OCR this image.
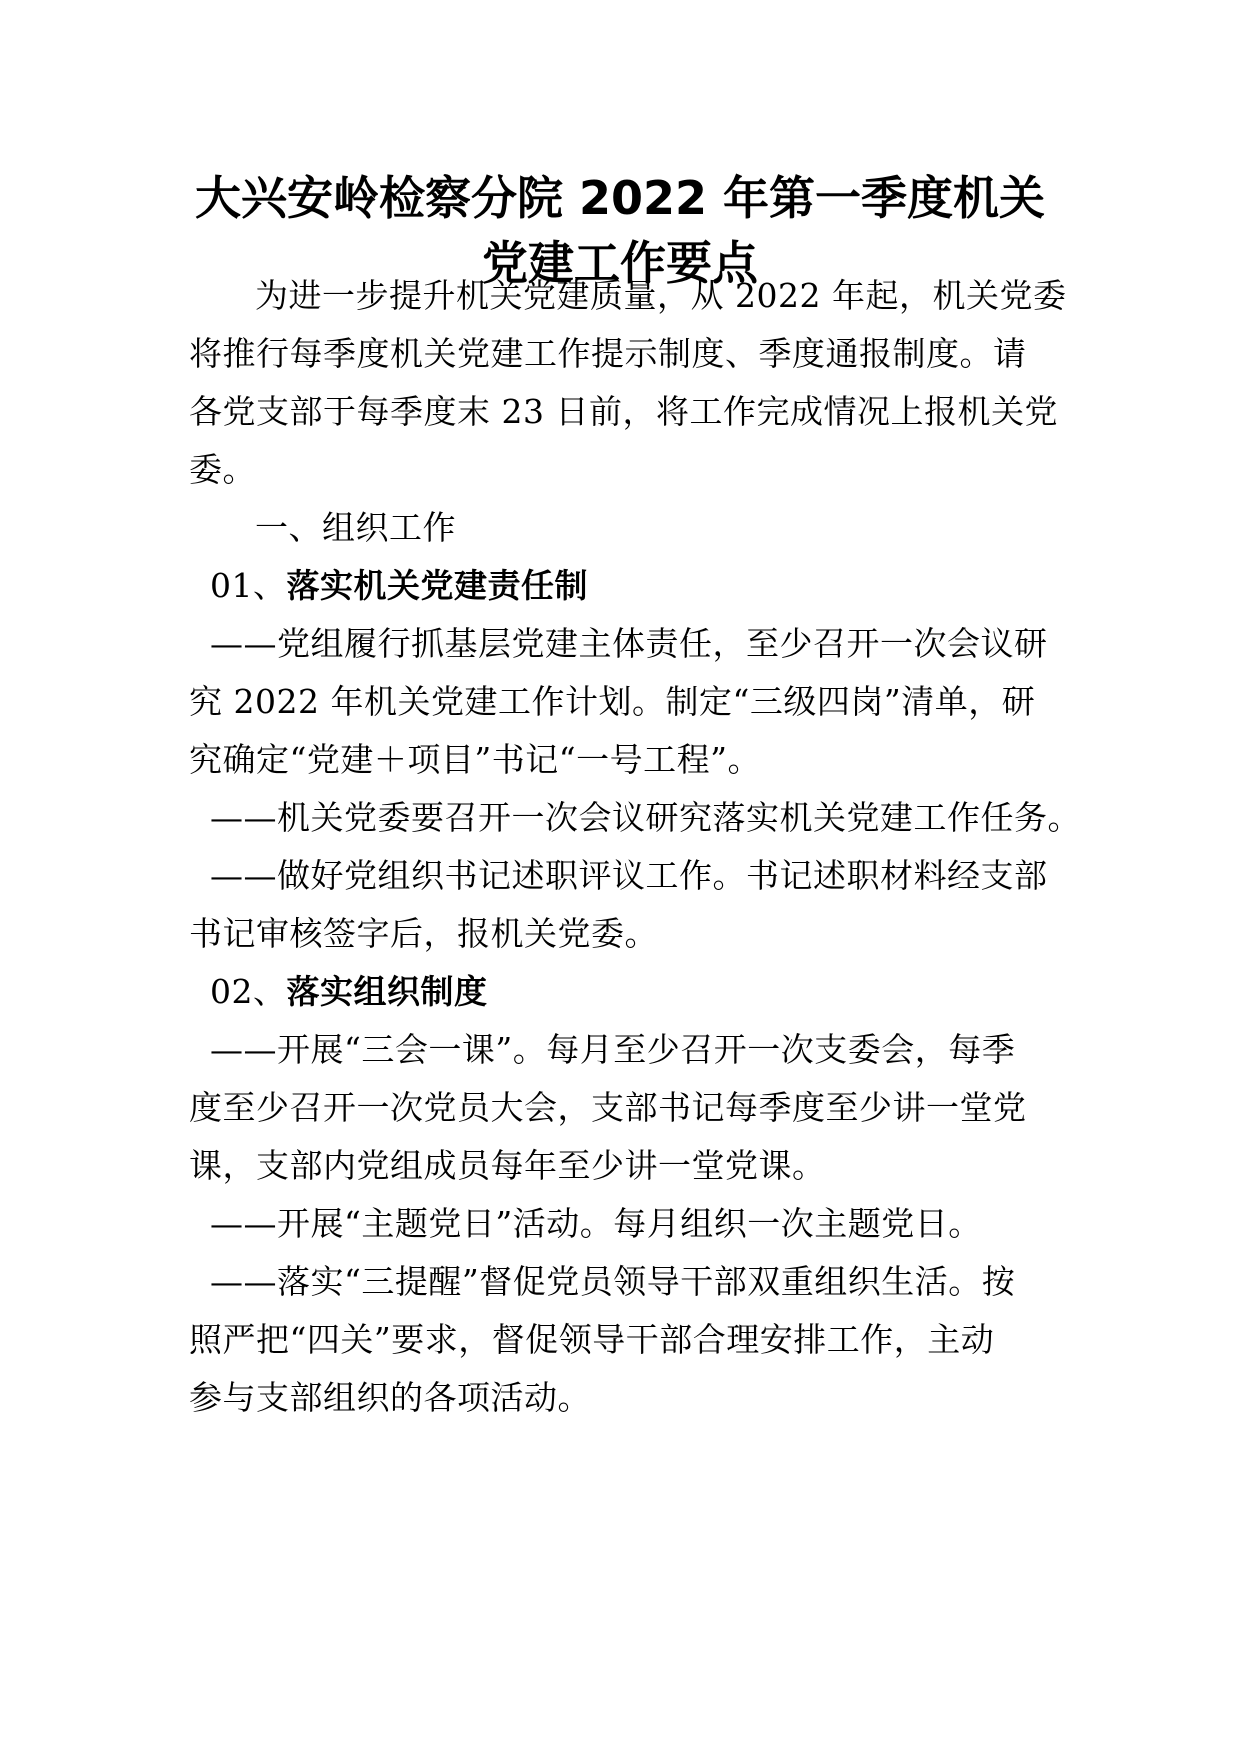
大兴安岭检察分院 2022 年第一季度机关
党建工作要点
为进一步提升机关党建质量，从 2022 年起，机关党委
将推行每季度机关党建工作提示制度、季度通报制度。请
各党支部于每季度末 23 日前，将工作完成情况上报机关党
委。
一、组织工作
01、落实机关党建责任制
——党组履行抓基层党建主体责任，至少召开一次会议研
究 2022 年机关党建工作计划。制定“三级四岗”清单，研
究确定“党建＋项目”书记“一号工程”。
——机关党委要召开一次会议研究落实机关党建工作任务。
——做好党组织书记述职评议工作。书记述职材料经支部
书记审核签字后，报机关党委。
02、落实组织制度
——开展“三会一课”。每月至少召开一次支委会，每季
度至少召开一次党员大会，支部书记每季度至少讲一堂党
课，支部内党组成员每年至少讲一堂党课。
——开展“主题党日”活动。每月组织一次主题党日。
——落实“三提醒”督促党员领导干部双重组织生活。按
照严把“四关”要求，督促领导干部合理安排工作，主动
参与支部组织的各项活动。
